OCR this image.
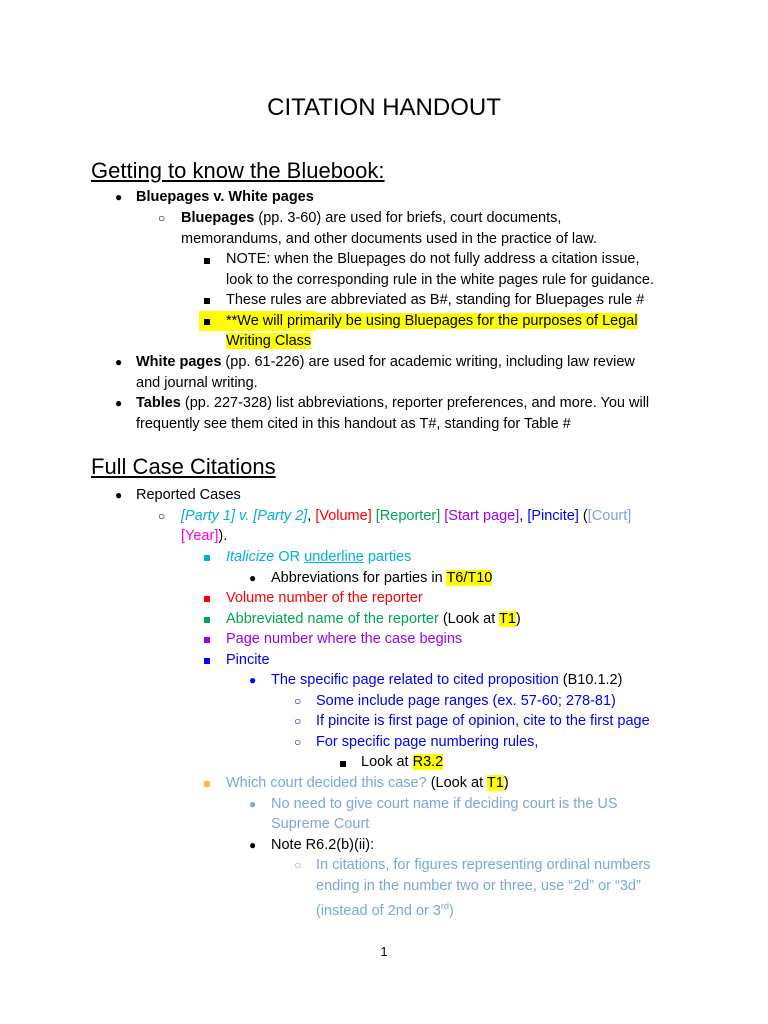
CITATION HANDOUT
Getting to know the Bluebook:
● Bluepages v. White pages
○ Bluepages (pp. 3-60) are used for briefs, court documents,
memorandums, and other documents used in the practice of law.
NOTE: when the Bluepages do not fully address a citation issue,
look to the corresponding rule in the white pages rule for guidance.
These rules are abbreviated as B#, standing for Bluepages rule #
**We will primarily be using Bluepages for the purposes of Legal
Writing Class
● White pages (pp. 61-226) are used for academic writing, including law review
and journal writing.
● Tables (pp. 227-328) list abbreviations, reporter preferences, and more. You will
frequently see them cited in this handout as T#, standing for Table #
Full Case Citations
● Reported Cases
○ [Party 1] v. [Party 2], [Volume] [Reporter] [Start page], [Pincite] ([Court]
[Year]).
Italicize OR underline parties
● Abbreviations for parties in T6/T10
Volume number of the reporter
Abbreviated name of the reporter (Look at T1)
Page number where the case begins
Pincite
● The specific page related to cited proposition (B10.1.2)
○ Some include page ranges (ex. 57-60; 278-81)
○ If pincite is first page of opinion, cite to the first page
○ For specific page numbering rules,
Look at R3.2
Which court decided this case? (Look at T1)
● No need to give court name if deciding court is the US
Supreme Court
● Note R6.2(b)(ii):
○ In citations, for figures representing ordinal numbers
ending in the number two or three, use “2d” or “3d”
(instead of 2nd or 3rd)
1
